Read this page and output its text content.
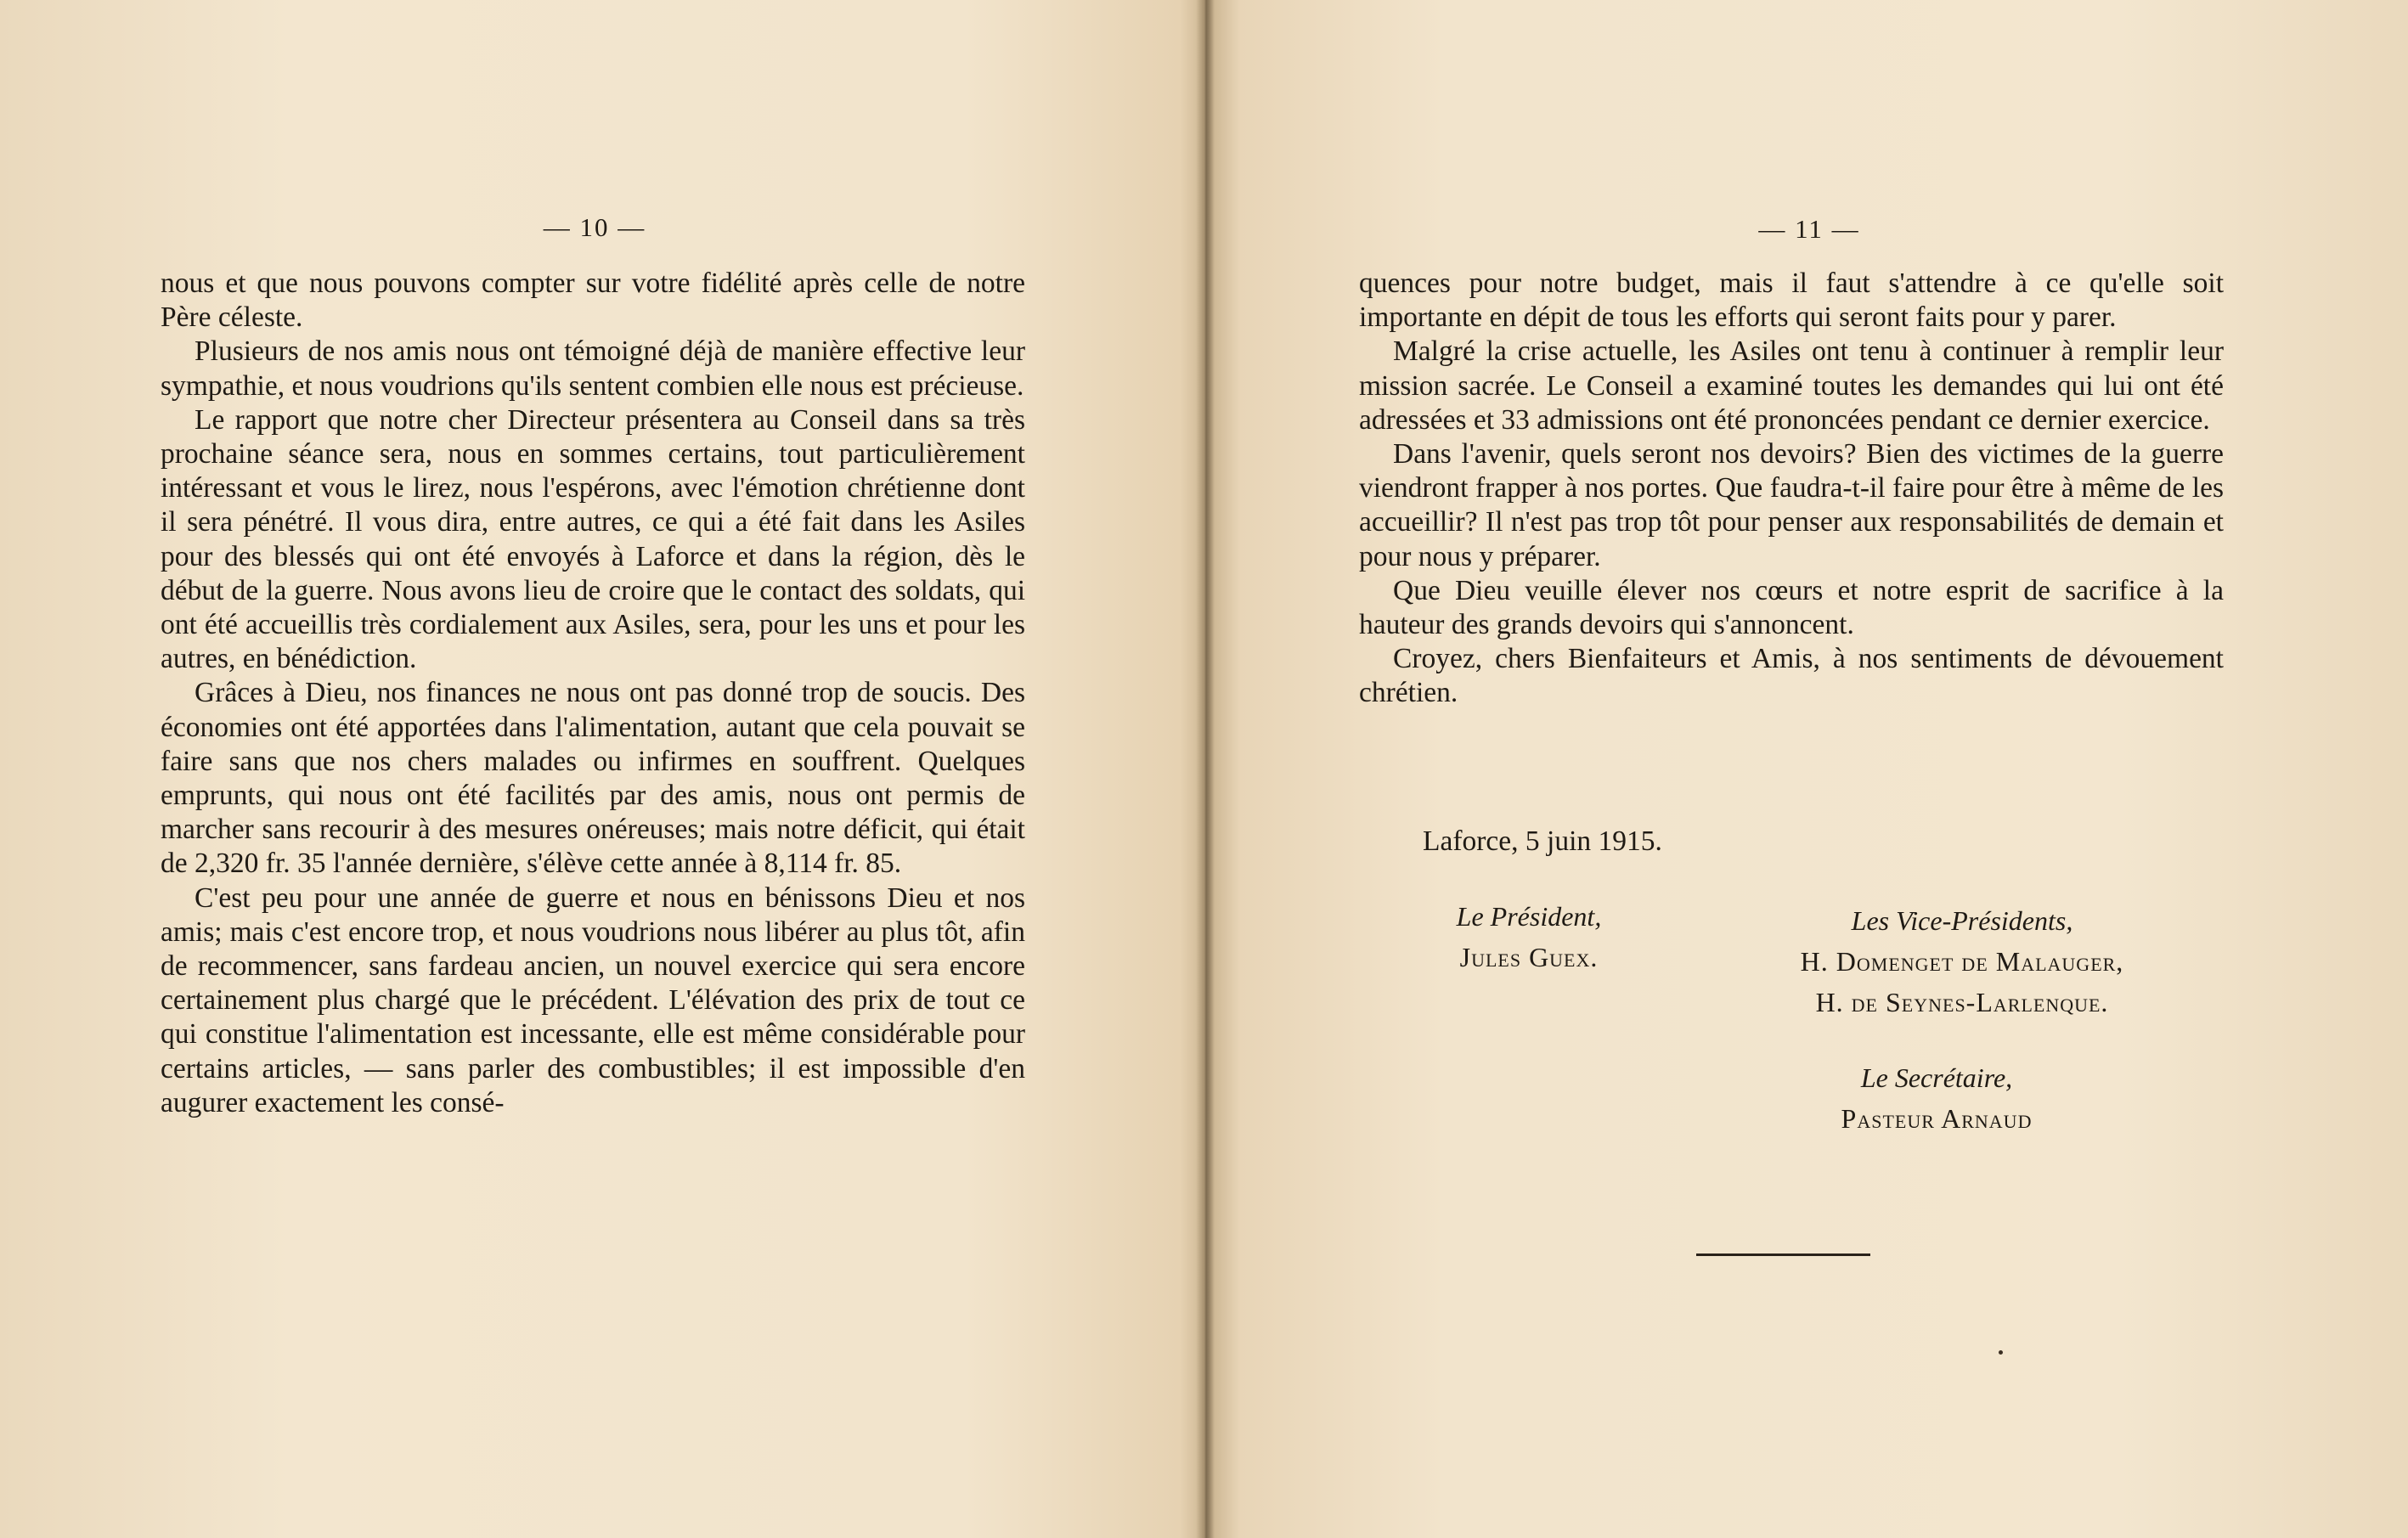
— 10 —

nous et que nous pouvons compter sur votre fidélité après celle de notre Père céleste.

Plusieurs de nos amis nous ont témoigné déjà de manière effective leur sympathie, et nous voudrions qu'ils sentent combien elle nous est précieuse.

Le rapport que notre cher Directeur présentera au Conseil dans sa très prochaine séance sera, nous en sommes certains, tout particulièrement intéressant et vous le lirez, nous l'espérons, avec l'émotion chrétienne dont il sera pénétré. Il vous dira, entre autres, ce qui a été fait dans les Asiles pour des blessés qui ont été envoyés à Laforce et dans la région, dès le début de la guerre. Nous avons lieu de croire que le contact des soldats, qui ont été accueillis très cordialement aux Asiles, sera, pour les uns et pour les autres, en bénédiction.

Grâces à Dieu, nos finances ne nous ont pas donné trop de soucis. Des économies ont été apportées dans l'alimentation, autant que cela pouvait se faire sans que nos chers malades ou infirmes en souffrent. Quelques emprunts, qui nous ont été facilités par des amis, nous ont permis de marcher sans recourir à des mesures onéreuses; mais notre déficit, qui était de 2,320 fr. 35 l'année dernière, s'élève cette année à 8,114 fr. 85.

C'est peu pour une année de guerre et nous en bénissons Dieu et nos amis; mais c'est encore trop, et nous voudrions nous libérer au plus tôt, afin de recommencer, sans fardeau ancien, un nouvel exercice qui sera encore certainement plus chargé que le précédent. L'élévation des prix de tout ce qui constitue l'alimentation est incessante, elle est même considérable pour certains articles, — sans parler des combustibles; il est impossible d'en augurer exactement les consé-

— 11 —

quences pour notre budget, mais il faut s'attendre à ce qu'elle soit importante en dépit de tous les efforts qui seront faits pour y parer.

Malgré la crise actuelle, les Asiles ont tenu à continuer à remplir leur mission sacrée. Le Conseil a examiné toutes les demandes qui lui ont été adressées et 33 admissions ont été prononcées pendant ce dernier exercice.

Dans l'avenir, quels seront nos devoirs? Bien des victimes de la guerre viendront frapper à nos portes. Que faudra-t-il faire pour être à même de les accueillir? Il n'est pas trop tôt pour penser aux responsabilités de demain et pour nous y préparer.

Que Dieu veuille élever nos cœurs et notre esprit de sacrifice à la hauteur des grands devoirs qui s'annoncent.

Croyez, chers Bienfaiteurs et Amis, à nos sentiments de dévouement chrétien.

Laforce, 5 juin 1915.
Le Président,
Jules Guex.
Les Vice-Présidents,
H. Domenget de Malauger,
H. de Seynes-Larlenque.
Le Secrétaire,
Pasteur Arnaud
